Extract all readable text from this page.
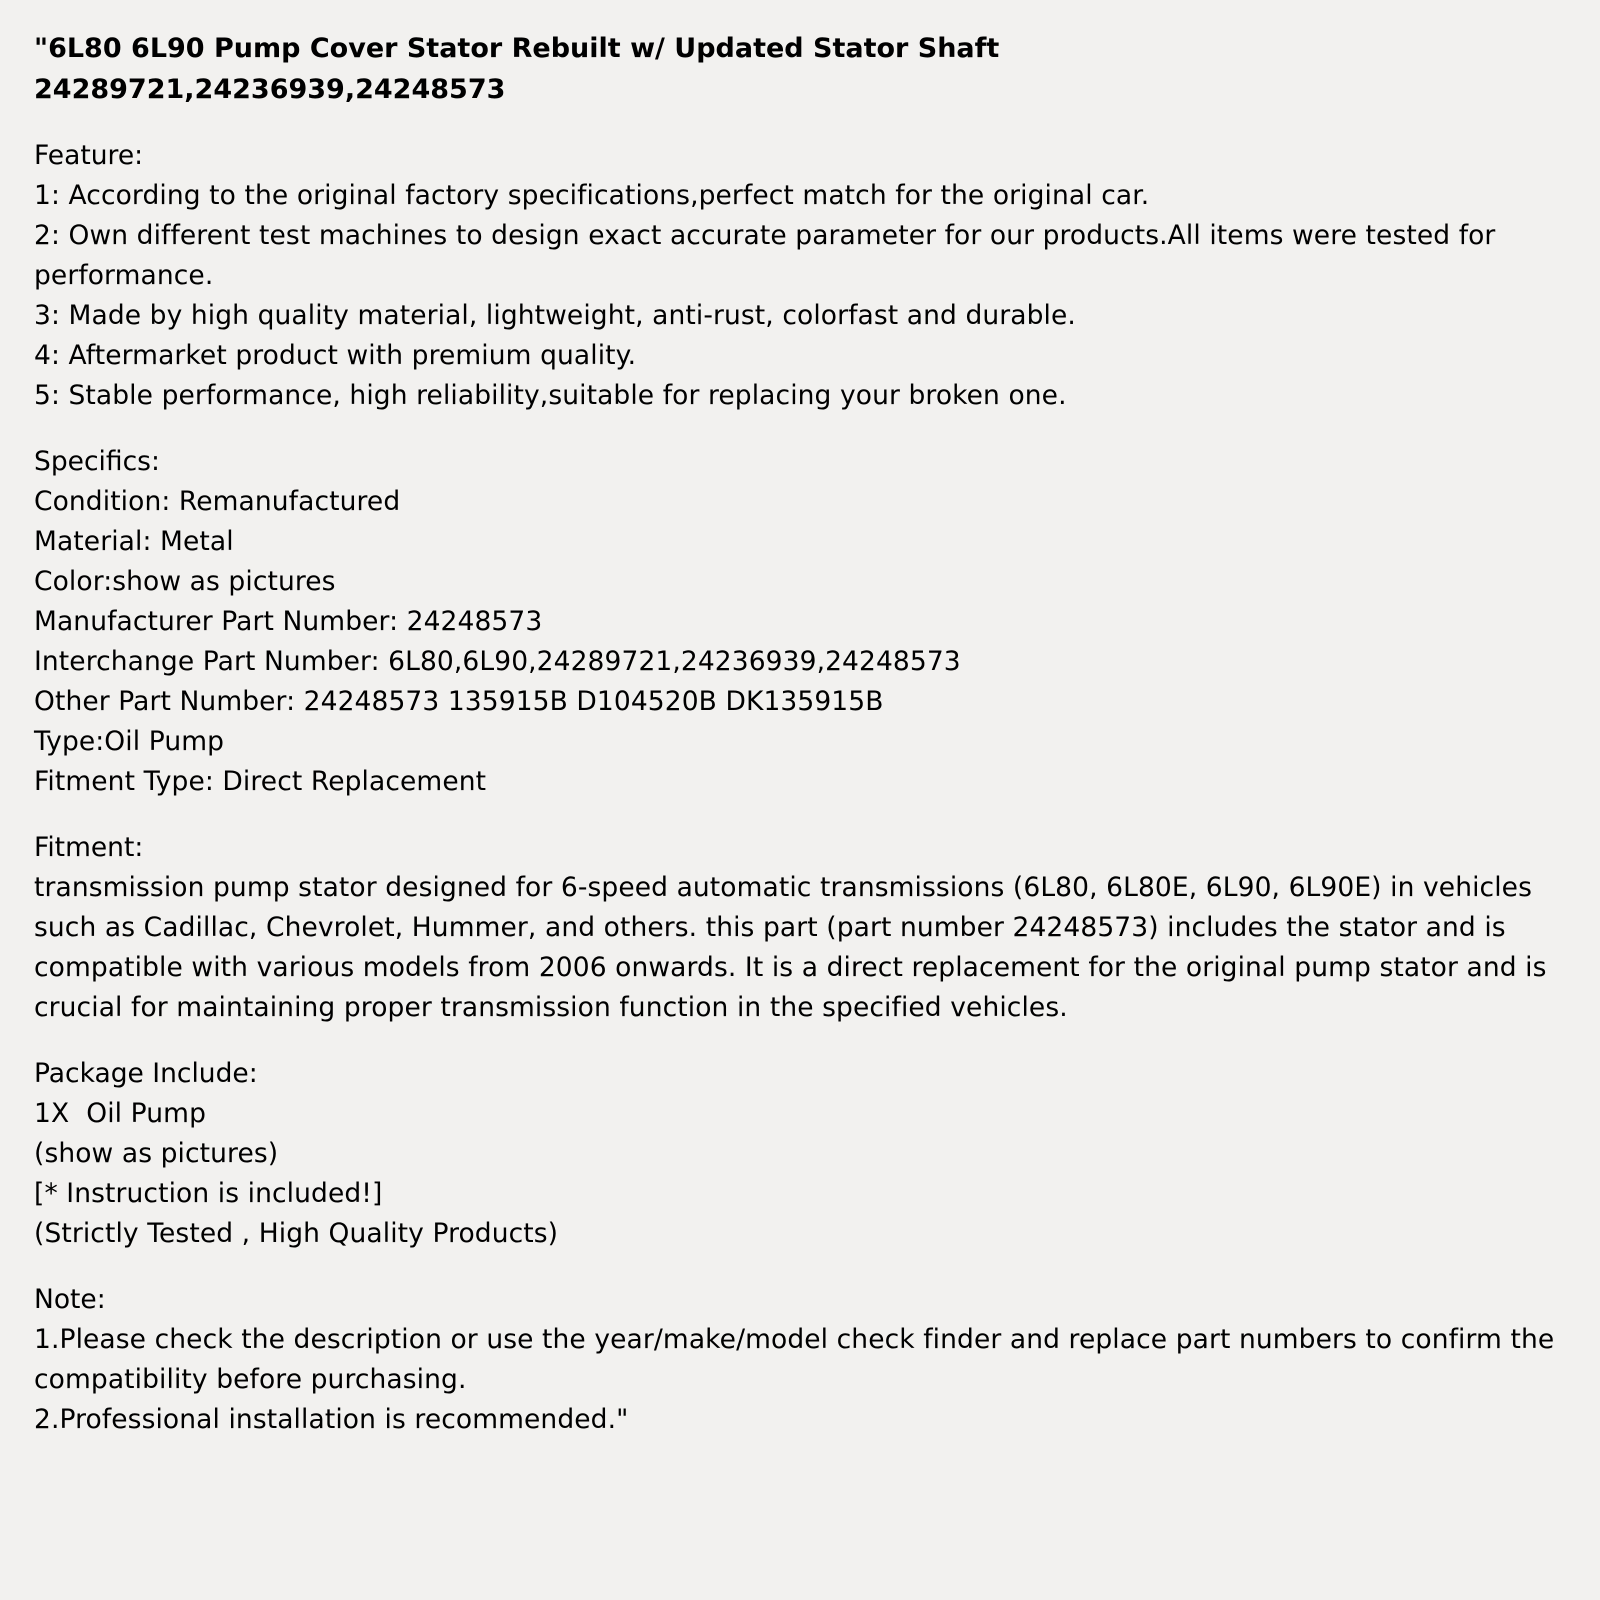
"6L80 6L90 Pump Cover Stator Rebuilt w/ Updated Stator Shaft
24289721,24236939,24248573
Feature:
1: According to the original factory specifications,perfect match for the original car.
2: Own different test machines to design exact accurate parameter for our products.All items were tested for performance.
3: Made by high quality material, lightweight, anti-rust, colorfast and durable.
4: Aftermarket product with premium quality.
5: Stable performance, high reliability,suitable for replacing your broken one.
Specifics:
Condition: Remanufactured
Material: Metal
Color:show as pictures
Manufacturer Part Number: 24248573
Interchange Part Number: 6L80,6L90,24289721,24236939,24248573
Other Part Number: 24248573 135915B D104520B DK135915B
Type:Oil Pump
Fitment Type: Direct Replacement
Fitment:
transmission pump stator designed for 6-speed automatic transmissions (6L80, 6L80E, 6L90, 6L90E) in vehicles such as Cadillac, Chevrolet, Hummer, and others. this part (part number 24248573) includes the stator and is compatible with various models from 2006 onwards. It is a direct replacement for the original pump stator and is crucial for maintaining proper transmission function in the specified vehicles.
Package Include:
1X  Oil Pump
(show as pictures)
[* Instruction is included!]
(Strictly Tested , High Quality Products)
Note:
1.Please check the description or use the year/make/model check finder and replace part numbers to confirm the compatibility before purchasing.
2.Professional installation is recommended."
